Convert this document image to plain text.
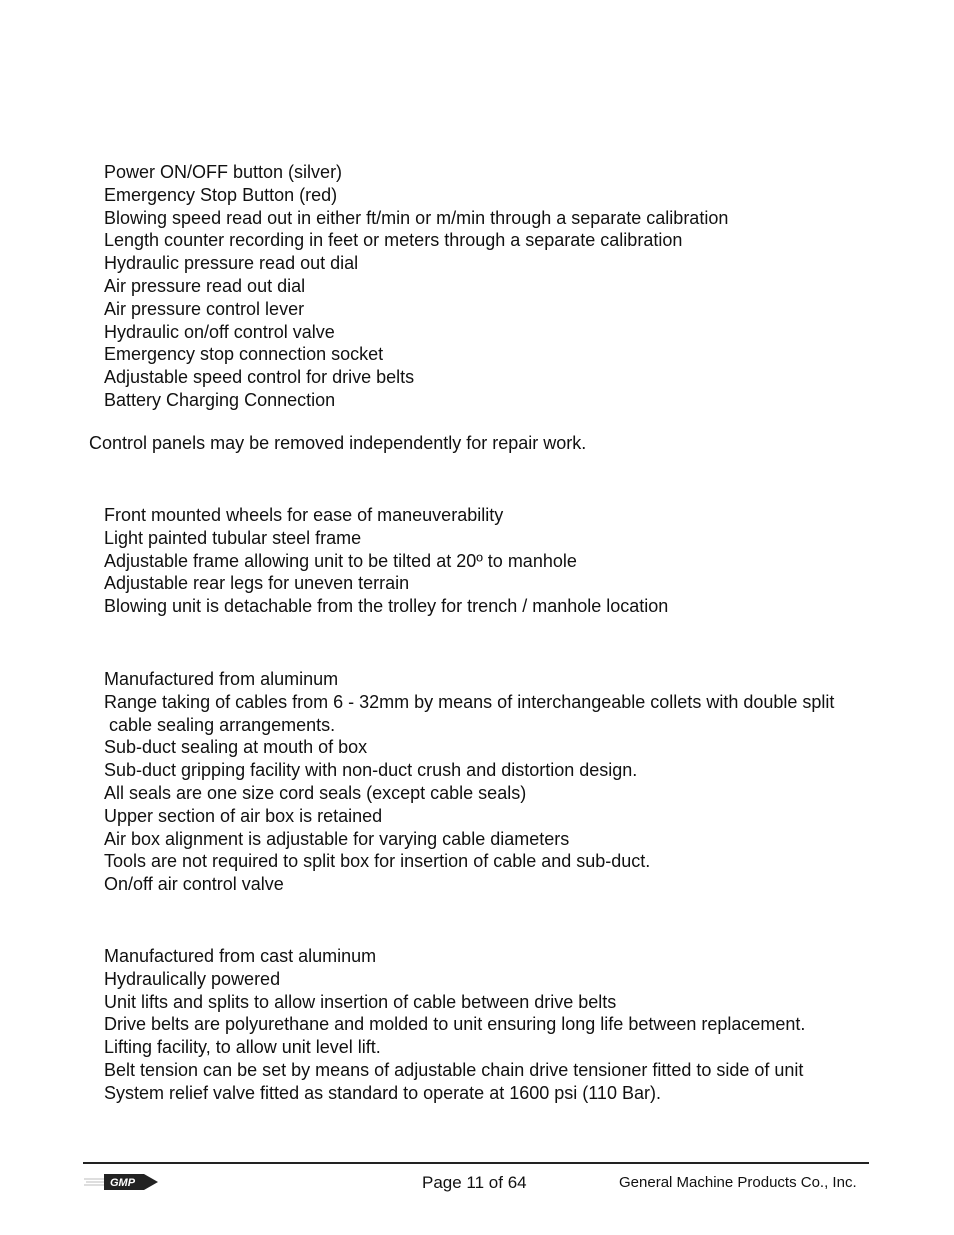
Power ON/OFF button (silver)
Emergency Stop Button (red)
Blowing speed read out in either ft/min or m/min through a separate calibration
Length counter recording in feet or meters through a separate calibration
Hydraulic pressure read out dial
Air pressure read out dial
Air pressure control lever
Hydraulic on/off control valve
Emergency stop connection socket
Adjustable speed control for drive belts
Battery Charging Connection
Control panels may be removed independently for repair work.
Front mounted wheels for ease of maneuverability
Light painted tubular steel frame
Adjustable frame allowing unit to be tilted at 20º to manhole
Adjustable rear legs for uneven terrain
Blowing unit is detachable from the trolley for trench / manhole location
Manufactured from aluminum
Range taking of cables from 6 - 32mm by means of interchangeable collets with double split
cable sealing arrangements.
Sub-duct sealing at mouth of box
Sub-duct gripping facility with non-duct crush and distortion design.
All seals are one size cord seals (except cable seals)
Upper section of air box is retained
Air box alignment is adjustable for varying cable diameters
Tools are not required to split box for insertion of cable and sub-duct.
On/off air control valve
Manufactured from cast aluminum
Hydraulically powered
Unit lifts and splits to allow insertion of cable between drive belts
Drive belts are polyurethane and molded to unit ensuring long life between replacement.
Lifting facility, to allow unit level lift.
Belt tension can be set by means of adjustable chain drive tensioner fitted to side of unit
System relief valve fitted as standard to operate at 1600 psi (110 Bar).
GMP	Page 11 of 64	General Machine Products Co., Inc.
